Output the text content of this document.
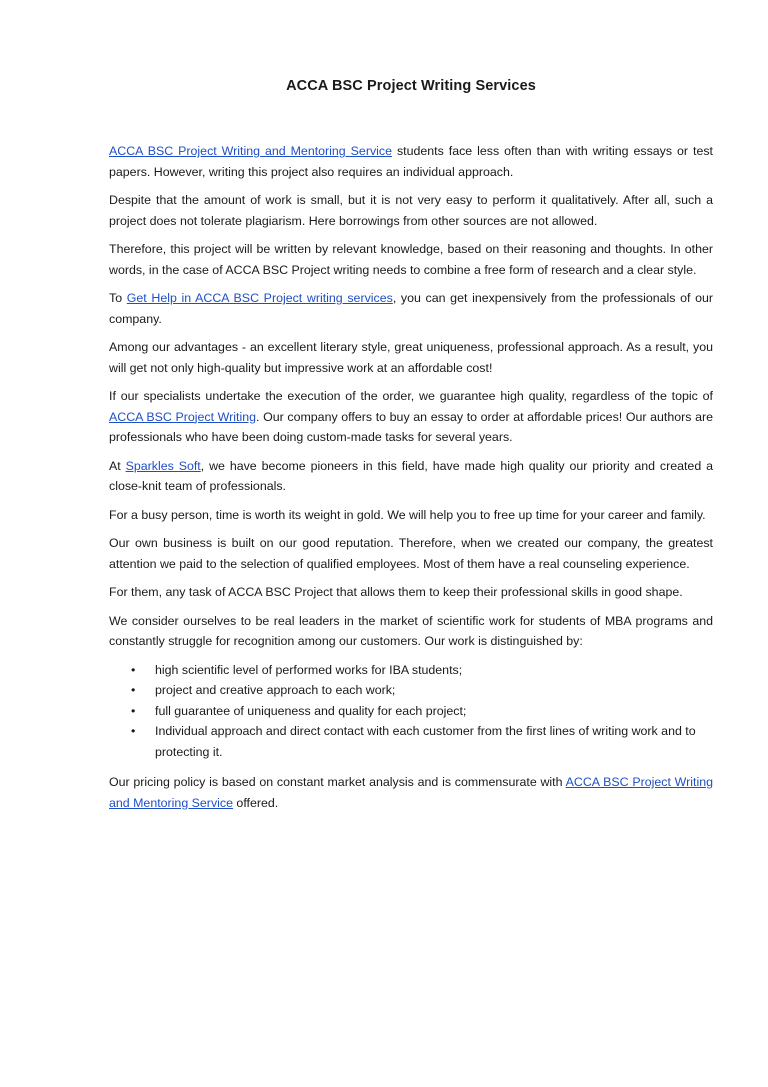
ACCA BSC Project Writing Services

ACCA BSC Project Writing and Mentoring Service students face less often than with writing essays or test papers. However, writing this project also requires an individual approach.

Despite that the amount of work is small, but it is not very easy to perform it qualitatively. After all, such a project does not tolerate plagiarism. Here borrowings from other sources are not allowed.

Therefore, this project will be written by relevant knowledge, based on their reasoning and thoughts. In other words, in the case of ACCA BSC Project writing needs to combine a free form of research and a clear style.

To Get Help in ACCA BSC Project writing services, you can get inexpensively from the professionals of our company.

Among our advantages - an excellent literary style, great uniqueness, professional approach. As a result, you will get not only high-quality but impressive work at an affordable cost!

If our specialists undertake the execution of the order, we guarantee high quality, regardless of the topic of ACCA BSC Project Writing. Our company offers to buy an essay to order at affordable prices! Our authors are professionals who have been doing custom-made tasks for several years.

At Sparkles Soft, we have become pioneers in this field, have made high quality our priority and created a close-knit team of professionals.

For a busy person, time is worth its weight in gold. We will help you to free up time for your career and family.

Our own business is built on our good reputation. Therefore, when we created our company, the greatest attention we paid to the selection of qualified employees. Most of them have a real counseling experience.

For them, any task of ACCA BSC Project that allows them to keep their professional skills in good shape.

We consider ourselves to be real leaders in the market of scientific work for students of MBA programs and constantly struggle for recognition among our customers. Our work is distinguished by:

• high scientific level of performed works for IBA students;
• project and creative approach to each work;
• full guarantee of uniqueness and quality for each project;
• Individual approach and direct contact with each customer from the first lines of writing work and to protecting it.

Our pricing policy is based on constant market analysis and is commensurate with ACCA BSC Project Writing and Mentoring Service offered.
